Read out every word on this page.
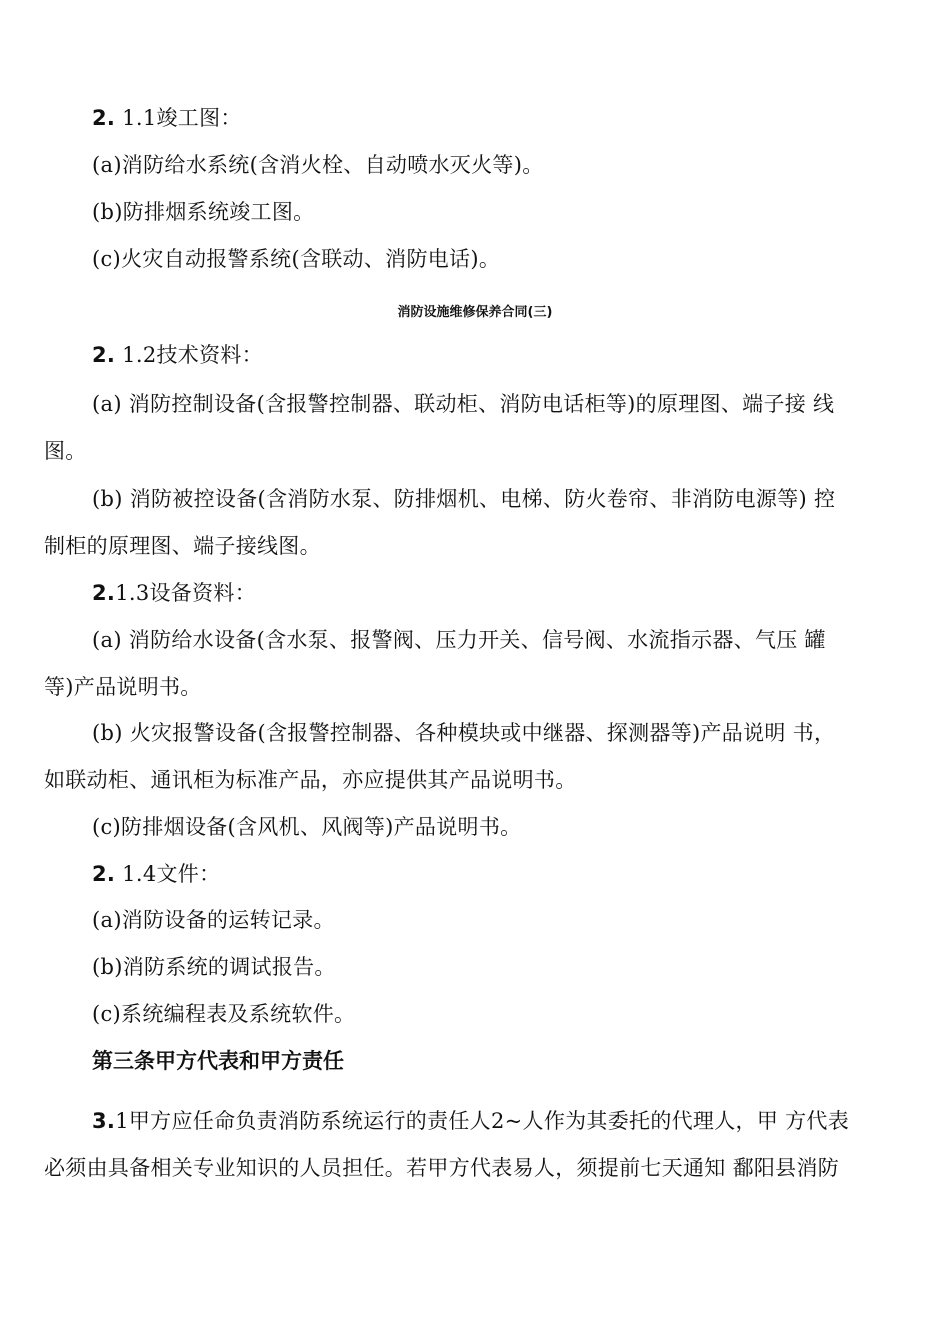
2. 1.1竣工图：
(a)消防给水系统(含消火栓、自动喷水灭火等)。
(b)防排烟系统竣工图。
(c)火灾自动报警系统(含联动、消防电话)。
消防设施维修保养合同(三)
2. 1.2技术资料：
(a) 消防控制设备(含报警控制器、联动柜、消防电话柜等)的原理图、端子接 线
图。
(b) 消防被控设备(含消防水泵、防排烟机、电梯、防火卷帘、非消防电源等) 控
制柜的原理图、端子接线图。
2.1.3设备资料：
(a) 消防给水设备(含水泵、报警阀、压力开关、信号阀、水流指示器、气压 罐
等)产品说明书。
(b) 火灾报警设备(含报警控制器、各种模块或中继器、探测器等)产品说明 书，
如联动柜、通讯柜为标准产品，亦应提供其产品说明书。
(c)防排烟设备(含风机、风阀等)产品说明书。
2. 1.4文件：
(a)消防设备的运转记录。
(b)消防系统的调试报告。
(c)系统编程表及系统软件。
第三条甲方代表和甲方责任
3.1甲方应任命负责消防系统运行的责任人2~人作为其委托的代理人，甲 方代表
必须由具备相关专业知识的人员担任。若甲方代表易人，须提前七天通知 鄱阳县消防
